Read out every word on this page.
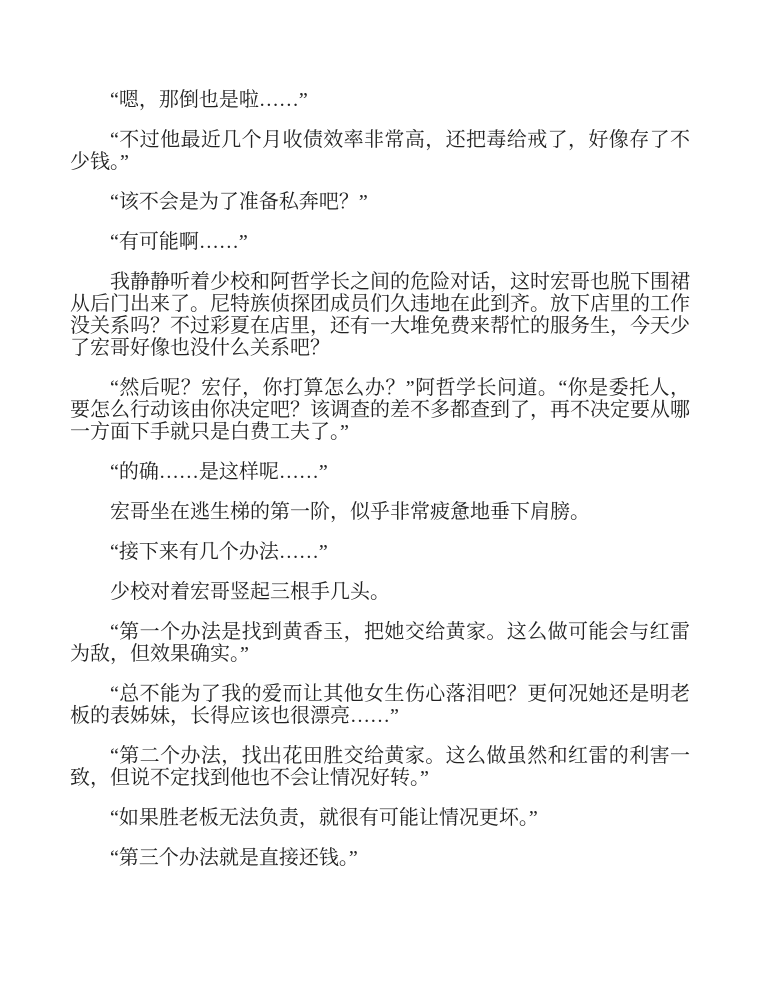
“嗯，那倒也是啦……”

“不过他最近几个月收债效率非常高，还把毒给戒了，好像存了不少钱。”

“该不会是为了准备私奔吧？”

“有可能啊……”

我静静听着少校和阿哲学长之间的危险对话，这时宏哥也脱下围裙从后门出来了。尼特族侦探团成员们久违地在此到齐。放下店里的工作没关系吗？不过彩夏在店里，还有一大堆免费来帮忙的服务生，今天少了宏哥好像也没什么关系吧？

“然后呢？宏仔，你打算怎么办？”阿哲学长问道。“你是委托人，要怎么行动该由你决定吧？该调查的差不多都查到了，再不决定要从哪一方面下手就只是白费工夫了。”

“的确……是这样呢……”

宏哥坐在逃生梯的第一阶，似乎非常疲惫地垂下肩膀。

“接下来有几个办法……”

少校对着宏哥竖起三根手几头。

“第一个办法是找到黄香玉，把她交给黄家。这么做可能会与红雷为敌，但效果确实。”

“总不能为了我的爱而让其他女生伤心落泪吧？更何况她还是明老板的表姊妹，长得应该也很漂亮……”

“第二个办法，找出花田胜交给黄家。这么做虽然和红雷的利害一致，但说不定找到他也不会让情况好转。”

“如果胜老板无法负责，就很有可能让情况更坏。”

“第三个办法就是直接还钱。”
